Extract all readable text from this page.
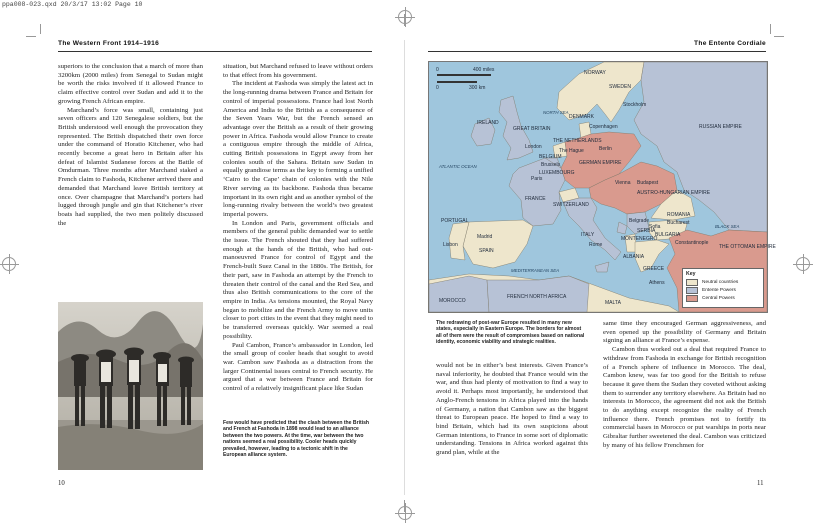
ppa008-023.qxd 20/3/17 13:02 Page 10
The Western Front 1914–1916

superiors to the conclusion that a march of more than 3200km (2000 miles) from Senegal to Sudan might be worth the risks involved if it allowed France to claim effective control over Sudan and add it to the growing French African empire.

Marchand’s force was small, containing just seven officers and 120 Senegalese soldiers, but the British understood well enough the provocation they represented. The British dispatched their own force under the command of Horatio Kitchener, who had recently become a great hero in Britain after his defeat of Islamist Sudanese forces at the Battle of Omdurman. Three months after Marchand staked a French claim to Fashoda, Kitchener arrived there and demanded that Marchand leave British territory at once. Over champagne that Marchand’s porters had lugged through jungle and gin that Kitchener’s river boats had supplied, the two men politely discussed the

situation, but Marchand refused to leave without orders to that effect from his government.

The incident at Fashoda was simply the latest act in the long-running drama between France and Britain for control of imperial possessions. France had lost North America and India to the British as a consequence of the Seven Years War, but the French sensed an advantage over the British as a result of their growing power in Africa. Fashoda would allow France to create a contiguous empire through the middle of Africa, cutting British possessions in Egypt away from her colonies south of the Sahara. Britain saw Sudan in equally grandiose terms as the key to forming a unified ‘Cairo to the Cape’ chain of colonies with the Nile River serving as its backbone. Fashoda thus became important in its own right and as another symbol of the long-running rivalry between the world’s two greatest imperial powers.

In London and Paris, government officials and members of the general public demanded war to settle the issue. The French shouted that they had suffered enough at the hands of the British, who had out-manoeuvred France for control of Egypt and the French-built Suez Canal in the 1880s. The British, for their part, saw in Fashoda an attempt by the French to threaten their control of the canal and the Red Sea, and thus also British communications to the core of the empire in India. As tensions mounted, the Royal Navy began to mobilize and the French Army to move units closer to port cities in the event that they might need to be transferred overseas quickly. War seemed a real possibility.

Paul Cambon, France’s ambassador in London, led the small group of cooler heads that sought to avoid war. Cambon saw Fashoda as a distraction from the larger Continental issues central to French security. He argued that a war between France and Britain for control of a relatively insignificant place like Sudan

Few would have predicted that the clash between the British and French at Fashoda in 1898 would lead to an alliance between the two powers. At the time, war between the two nations seemed a real possibility. Cooler heads quickly prevailed, however, leading to a tectonic shift in the European alliance system.
10
The Entente Cordiale
0
0
400 miles
300 km
NORWAY
SWEDEN
Stockholm
RUSSIAN EMPIRE
DENMARK
Copenhagen
IRELAND
GREAT BRITAIN
London
NORTH SEA
THE NETHERLANDS
The Hague	Berlin
BELGIUM
Brussels
LUXEMBOURG
Paris
GERMAN EMPIRE
FRANCE
SWITZERLAND
Vienna
AUSTRO-HUNGARIAN EMPIRE
Budapest
ATLANTIC OCEAN
PORTUGAL
Lisbon
SPAIN
Madrid	ITALY
Rome
Belgrade
SERBIA
MONTENEGRO
ROMANIA
Bucharest
BULGARIA
Sofia
ALBANIA
GREECE
Athens
Constantinople
THE OTTOMAN EMPIRE
BLACK SEA
MEDITERRANEAN SEA
MOROCCO
FRENCH NORTH AFRICA
MALTA
Key
Neutral countries
Entente Powers
Central Powers
The redrawing of post-war Europe resulted in many new states, especially in Eastern Europe. The borders for almost all of them were the result of compromises based on national identity, economic viability and strategic realities.

would not be in either’s best interests. Given France’s naval inferiority, he doubted that France would win the war, and thus had plenty of motivation to find a way to avoid it. Perhaps most importantly, he understood that Anglo-French tensions in Africa played into the hands of Germany, a nation that Cambon saw as the biggest threat to European peace. He hoped to find a way to bind Britain, which had its own suspicions about German intentions, to France in some sort of diplomatic understanding. Tensions in Africa worked against this grand plan, while at the

same time they encouraged German aggressiveness, and even opened up the possibility of Germany and Britain signing an alliance at France’s expense.

Cambon thus worked out a deal that required France to withdraw from Fashoda in exchange for British recognition of a French sphere of influence in Morocco. The deal, Cambon knew, was far too good for the British to refuse because it gave them the Sudan they coveted without asking them to surrender any territory elsewhere. As Britain had no interests in Morocco, the agreement did not ask the British to do anything except recognize the reality of French influence there. French promises not to fortify its commercial bases in Morocco or put warships in ports near Gibraltar further sweetened the deal. Cambon was criticized by many of his fellow Frenchmen for

11
